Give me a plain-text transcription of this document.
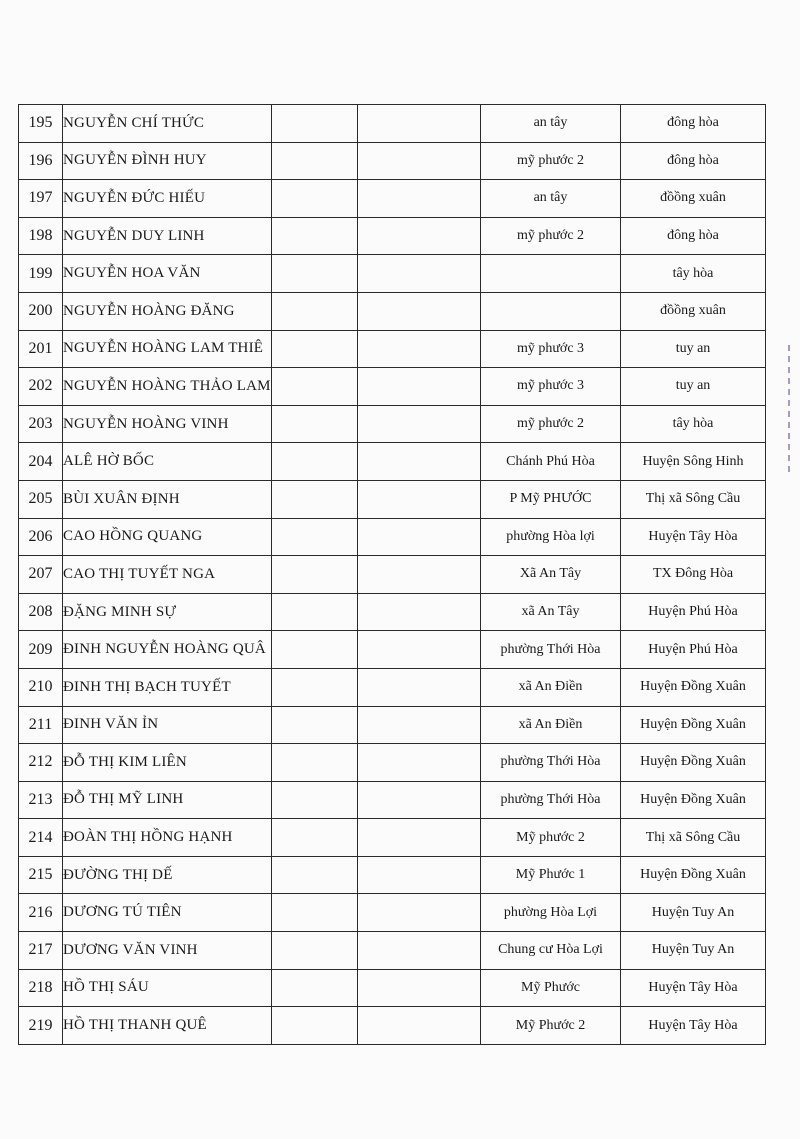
195	NGUYỄN CHÍ THỨC			an tây	đông hòa
196	NGUYỄN ĐÌNH HUY			mỹ phước 2	đông hòa
197	NGUYỄN ĐỨC HIẾU			an tây	đồồng xuân
198	NGUYỄN DUY LINH			mỹ phước 2	đông hòa
199	NGUYỄN HOA VĂN				tây hòa
200	NGUYỄN HOÀNG ĐĂNG				đồồng xuân
201	NGUYỄN HOÀNG LAM THIÊ			mỹ phước 3	tuy an
202	NGUYỄN HOÀNG THẢO LAM			mỹ phước 3	tuy an
203	NGUYỄN HOÀNG VINH			mỹ phước 2	tây hòa
204	ALÊ HỜ BỐC			Chánh Phú Hòa	Huyện Sông Hinh
205	BÙI XUÂN ĐỊNH			P Mỹ PHƯỚC	Thị xã Sông Cầu
206	CAO HỒNG QUANG			phường Hòa lợi	Huyện Tây Hòa
207	CAO THỊ TUYẾT NGA			Xã An Tây	TX Đông Hòa
208	ĐẶNG MINH SỰ			xã An Tây	Huyện Phú Hòa
209	ĐINH NGUYỄN HOÀNG QUÂ			phường Thới Hòa	Huyện Phú Hòa
210	ĐINH THỊ BẠCH TUYẾT			xã An Điền	Huyện Đồng Xuân
211	ĐINH VĂN ỈN			xã An Điền	Huyện Đồng Xuân
212	ĐỖ THỊ KIM LIÊN			phường Thới Hòa	Huyện Đồng Xuân
213	ĐỖ THỊ MỸ LINH			phường Thới Hòa	Huyện Đồng Xuân
214	ĐOÀN THỊ HỒNG HẠNH			Mỹ phước 2	Thị xã Sông Cầu
215	ĐƯỜNG THỊ DẾ			Mỹ Phước 1	Huyện Đồng Xuân
216	DƯƠNG TÚ TIÊN			phường Hòa Lợi	Huyện Tuy An
217	DƯƠNG VĂN VINH			Chung cư Hòa Lợi	Huyện Tuy An
218	HỒ THỊ SÁU			Mỹ Phước	Huyện Tây Hòa
219	HỒ THỊ THANH QUÊ			Mỹ Phước 2	Huyện Tây Hòa
